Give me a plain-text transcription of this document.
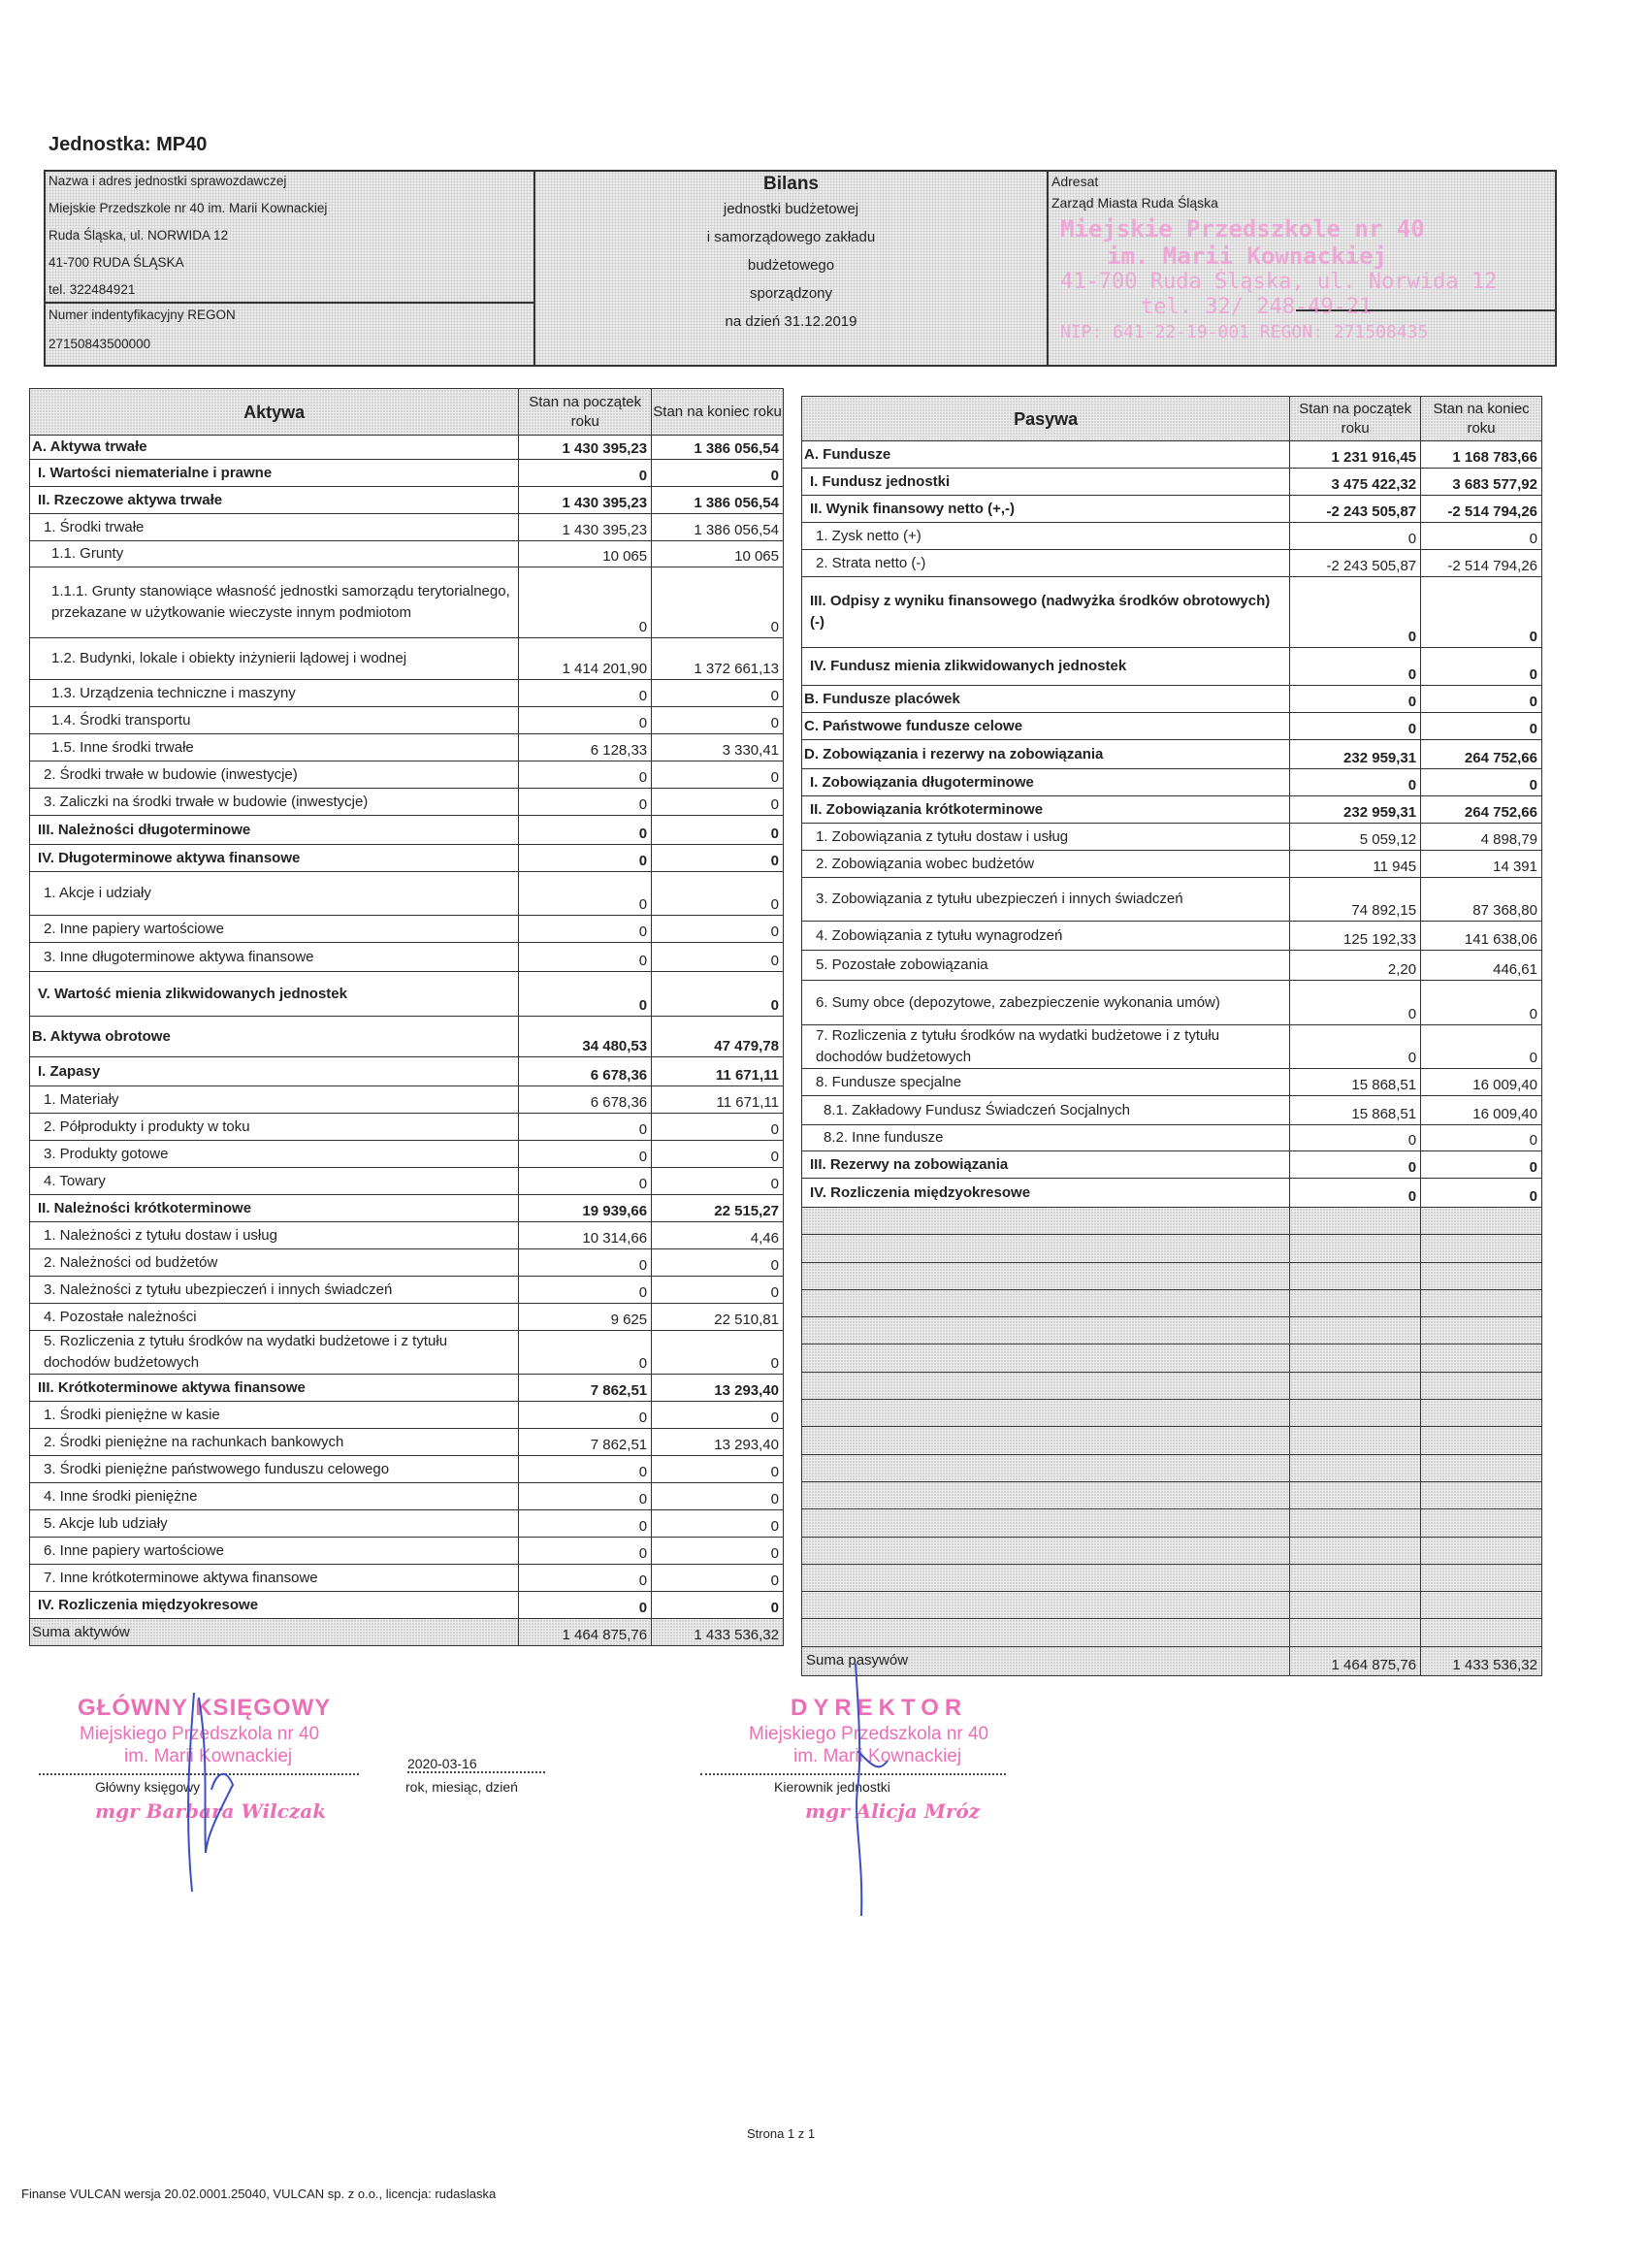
Jednostka: MP40
Nazwa i adres jednostki sprawozdawczej
Miejskie Przedszkole nr 40 im. Marii Kownackiej
Ruda Śląska, ul. NORWIDA 12
41-700 RUDA ŚLĄSKA
tel. 322484921
Numer indentyfikacyjny REGON
27150843500000
Bilans
jednostki budżetowej
i samorządowego zakładu
budżetowego
sporządzony
na dzień 31.12.2019
Adresat
Zarząd Miasta Ruda Śląska
Miejskie Przedszkole nr 40
im. Marii Kownackiej
41-700 Ruda Śląska, ul. Norwida 12
tel. 32/ 248-49-21
NIP: 641-22-19-001 REGON: 271508435
Aktywa	Stan na początek roku	Stan na koniec roku
A. Aktywa trwałe	1 430 395,23	1 386 056,54
I. Wartości niematerialne i prawne	0	0
II. Rzeczowe aktywa trwałe	1 430 395,23	1 386 056,54
1. Środki trwałe	1 430 395,23	1 386 056,54
1.1. Grunty	10 065	10 065
1.1.1. Grunty stanowiące własność jednostki samorządu terytorialnego, przekazane w użytkowanie wieczyste innym podmiotom	0	0
1.2. Budynki, lokale i obiekty inżynierii lądowej i wodnej	1 414 201,90	1 372 661,13
1.3. Urządzenia techniczne i maszyny	0	0
1.4. Środki transportu	0	0
1.5. Inne środki trwałe	6 128,33	3 330,41
2. Środki trwałe w budowie (inwestycje)	0	0
3. Zaliczki na środki trwałe w budowie (inwestycje)	0	0
III. Należności długoterminowe	0	0
IV. Długoterminowe aktywa finansowe	0	0
1. Akcje i udziały	0	0
2. Inne papiery wartościowe	0	0
3. Inne długoterminowe aktywa finansowe	0	0
V. Wartość mienia zlikwidowanych jednostek	0	0
B. Aktywa obrotowe	34 480,53	47 479,78
I. Zapasy	6 678,36	11 671,11
1. Materiały	6 678,36	11 671,11
2. Półprodukty i produkty w toku	0	0
3. Produkty gotowe	0	0
4. Towary	0	0
II. Należności krótkoterminowe	19 939,66	22 515,27
1. Należności z tytułu dostaw i usług	10 314,66	4,46
2. Należności od budżetów	0	0
3. Należności z tytułu ubezpieczeń i innych świadczeń	0	0
4. Pozostałe należności	9 625	22 510,81
5. Rozliczenia z tytułu środków na wydatki budżetowe i z tytułu dochodów budżetowych	0	0
III. Krótkoterminowe aktywa finansowe	7 862,51	13 293,40
1. Środki pieniężne w kasie	0	0
2. Środki pieniężne na rachunkach bankowych	7 862,51	13 293,40
3. Środki pieniężne państwowego funduszu celowego	0	0
4. Inne środki pieniężne	0	0
5. Akcje lub udziały	0	0
6. Inne papiery wartościowe	0	0
7. Inne krótkoterminowe aktywa finansowe	0	0
IV. Rozliczenia międzyokresowe	0	0
Suma aktywów	1 464 875,76	1 433 536,32
Pasywa	Stan na początek roku	Stan na koniec roku
A. Fundusze	1 231 916,45	1 168 783,66
I. Fundusz jednostki	3 475 422,32	3 683 577,92
II. Wynik finansowy netto (+,-)	-2 243 505,87	-2 514 794,26
1. Zysk netto (+)	0	0
2. Strata netto (-)	-2 243 505,87	-2 514 794,26
III. Odpisy z wyniku finansowego (nadwyżka środków obrotowych) (-)	0	0
IV. Fundusz mienia zlikwidowanych jednostek	0	0
B. Fundusze placówek	0	0
C. Państwowe fundusze celowe	0	0
D. Zobowiązania i rezerwy na zobowiązania	232 959,31	264 752,66
I. Zobowiązania długoterminowe	0	0
II. Zobowiązania krótkoterminowe	232 959,31	264 752,66
1. Zobowiązania z tytułu dostaw i usług	5 059,12	4 898,79
2. Zobowiązania wobec budżetów	11 945	14 391
3. Zobowiązania z tytułu ubezpieczeń i innych świadczeń	74 892,15	87 368,80
4. Zobowiązania z tytułu wynagrodzeń	125 192,33	141 638,06
5. Pozostałe zobowiązania	2,20	446,61
6. Sumy obce (depozytowe, zabezpieczenie wykonania umów)	0	0
7. Rozliczenia z tytułu środków na wydatki budżetowe i z tytułu dochodów budżetowych	0	0
8. Fundusze specjalne	15 868,51	16 009,40
8.1. Zakładowy Fundusz Świadczeń Socjalnych	15 868,51	16 009,40
8.2. Inne fundusze	0	0
III. Rezerwy na zobowiązania	0	0
IV. Rozliczenia międzyokresowe	0	0

Suma pasywów	1 464 875,76	1 433 536,32
GŁÓWNY KSIĘGOWY
Miejskiego Przedszkola nr 40
im. Marii Kownackiej
Główny księgowy
mgr Barbara Wilczak
2020-03-16
rok, miesiąc, dzień
DYREKTOR
Miejskiego Przedszkola nr 40
im. Marii Kownackiej
Kierownik jednostki
mgr Alicja Mróz
Strona 1 z 1
Finanse VULCAN wersja 20.02.0001.25040, VULCAN sp. z o.o., licencja: rudaslaska
